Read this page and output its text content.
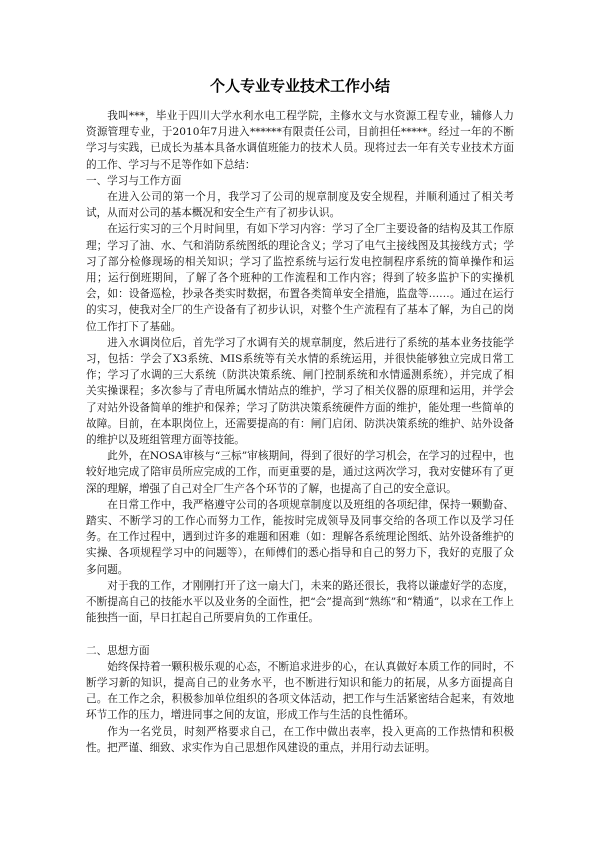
个人专业专业技术工作小结

我叫***，毕业于四川大学水利水电工程学院，主修水文与水资源工程专业，辅修人力资源管理专业，于2010年7月进入******有限责任公司，目前担任*****。经过一年的不断学习与实践，已成长为基本具备水调值班能力的技术人员。现将过去一年有关专业技术方面的工作、学习与不足等作如下总结：

一、学习与工作方面

在进入公司的第一个月，我学习了公司的规章制度及安全规程，并顺利通过了相关考试，从而对公司的基本概况和安全生产有了初步认识。

在运行实习的三个月时间里，有如下学习内容：学习了全厂主要设备的结构及其工作原理；学习了油、水、气和消防系统图纸的理论含义；学习了电气主接线图及其接线方式；学习了部分检修现场的相关知识；学习了监控系统与运行发电控制程序系统的简单操作和运用；运行倒班期间，了解了各个班种的工作流程和工作内容；得到了较多监护下的实操机会，如：设备巡检，抄录各类实时数据，布置各类简单安全措施，监盘等……。通过在运行的实习，使我对全厂的生产设备有了初步认识，对整个生产流程有了基本了解，为自己的岗位工作打下了基础。

进入水调岗位后，首先学习了水调有关的规章制度，然后进行了系统的基本业务技能学习，包括：学会了X3系统、MIS系统等有关水情的系统运用，并很快能够独立完成日常工作；学习了水调的三大系统（防洪决策系统、闸门控制系统和水情遥测系统），并完成了相关实操课程；多次参与了青电所属水情站点的维护，学习了相关仪器的原理和运用，并学会了对站外设备简单的维护和保养；学习了防洪决策系统硬件方面的维护，能处理一些简单的故障。目前，在本职岗位上，还需要提高的有：闸门启闭、防洪决策系统的维护、站外设备的维护以及班组管理方面等技能。

此外，在NOSA审核与“三标”审核期间，得到了很好的学习机会，在学习的过程中，也较好地完成了陪审员所应完成的工作，而更重要的是，通过这两次学习，我对安健环有了更深的理解，增强了自己对全厂生产各个环节的了解，也提高了自己的安全意识。

在日常工作中，我严格遵守公司的各项规章制度以及班组的各项纪律，保持一颗勤奋、踏实、不断学习的工作心而努力工作，能按时完成领导及同事交给的各项工作以及学习任务。在工作过程中，遇到过许多的难题和困难（如：理解各系统理论图纸、站外设备维护的实操、各项规程学习中的问题等），在师傅们的悉心指导和自己的努力下，我好的克服了众多问题。

对于我的工作，才刚刚打开了这一扇大门，未来的路还很长，我将以谦虚好学的态度，不断提高自己的技能水平以及业务的全面性，把“会”提高到“熟练”和“精通”，以求在工作上能独挡一面，早日扛起自己所要肩负的工作重任。

二、思想方面

始终保持着一颗积极乐观的心态，不断追求进步的心，在认真做好本质工作的同时，不断学习新的知识，提高自己的业务水平，也不断进行知识和能力的拓展，从多方面提高自己。在工作之余，积极参加单位组织的各项文体活动，把工作与生活紧密结合起来，有效地环节工作的压力，增进同事之间的友谊，形成工作与生活的良性循环。

作为一名党员，时刻严格要求自己，在工作中做出表率，投入更高的工作热情和积极性。把严谨、细致、求实作为自己思想作风建设的重点，并用行动去证明。
